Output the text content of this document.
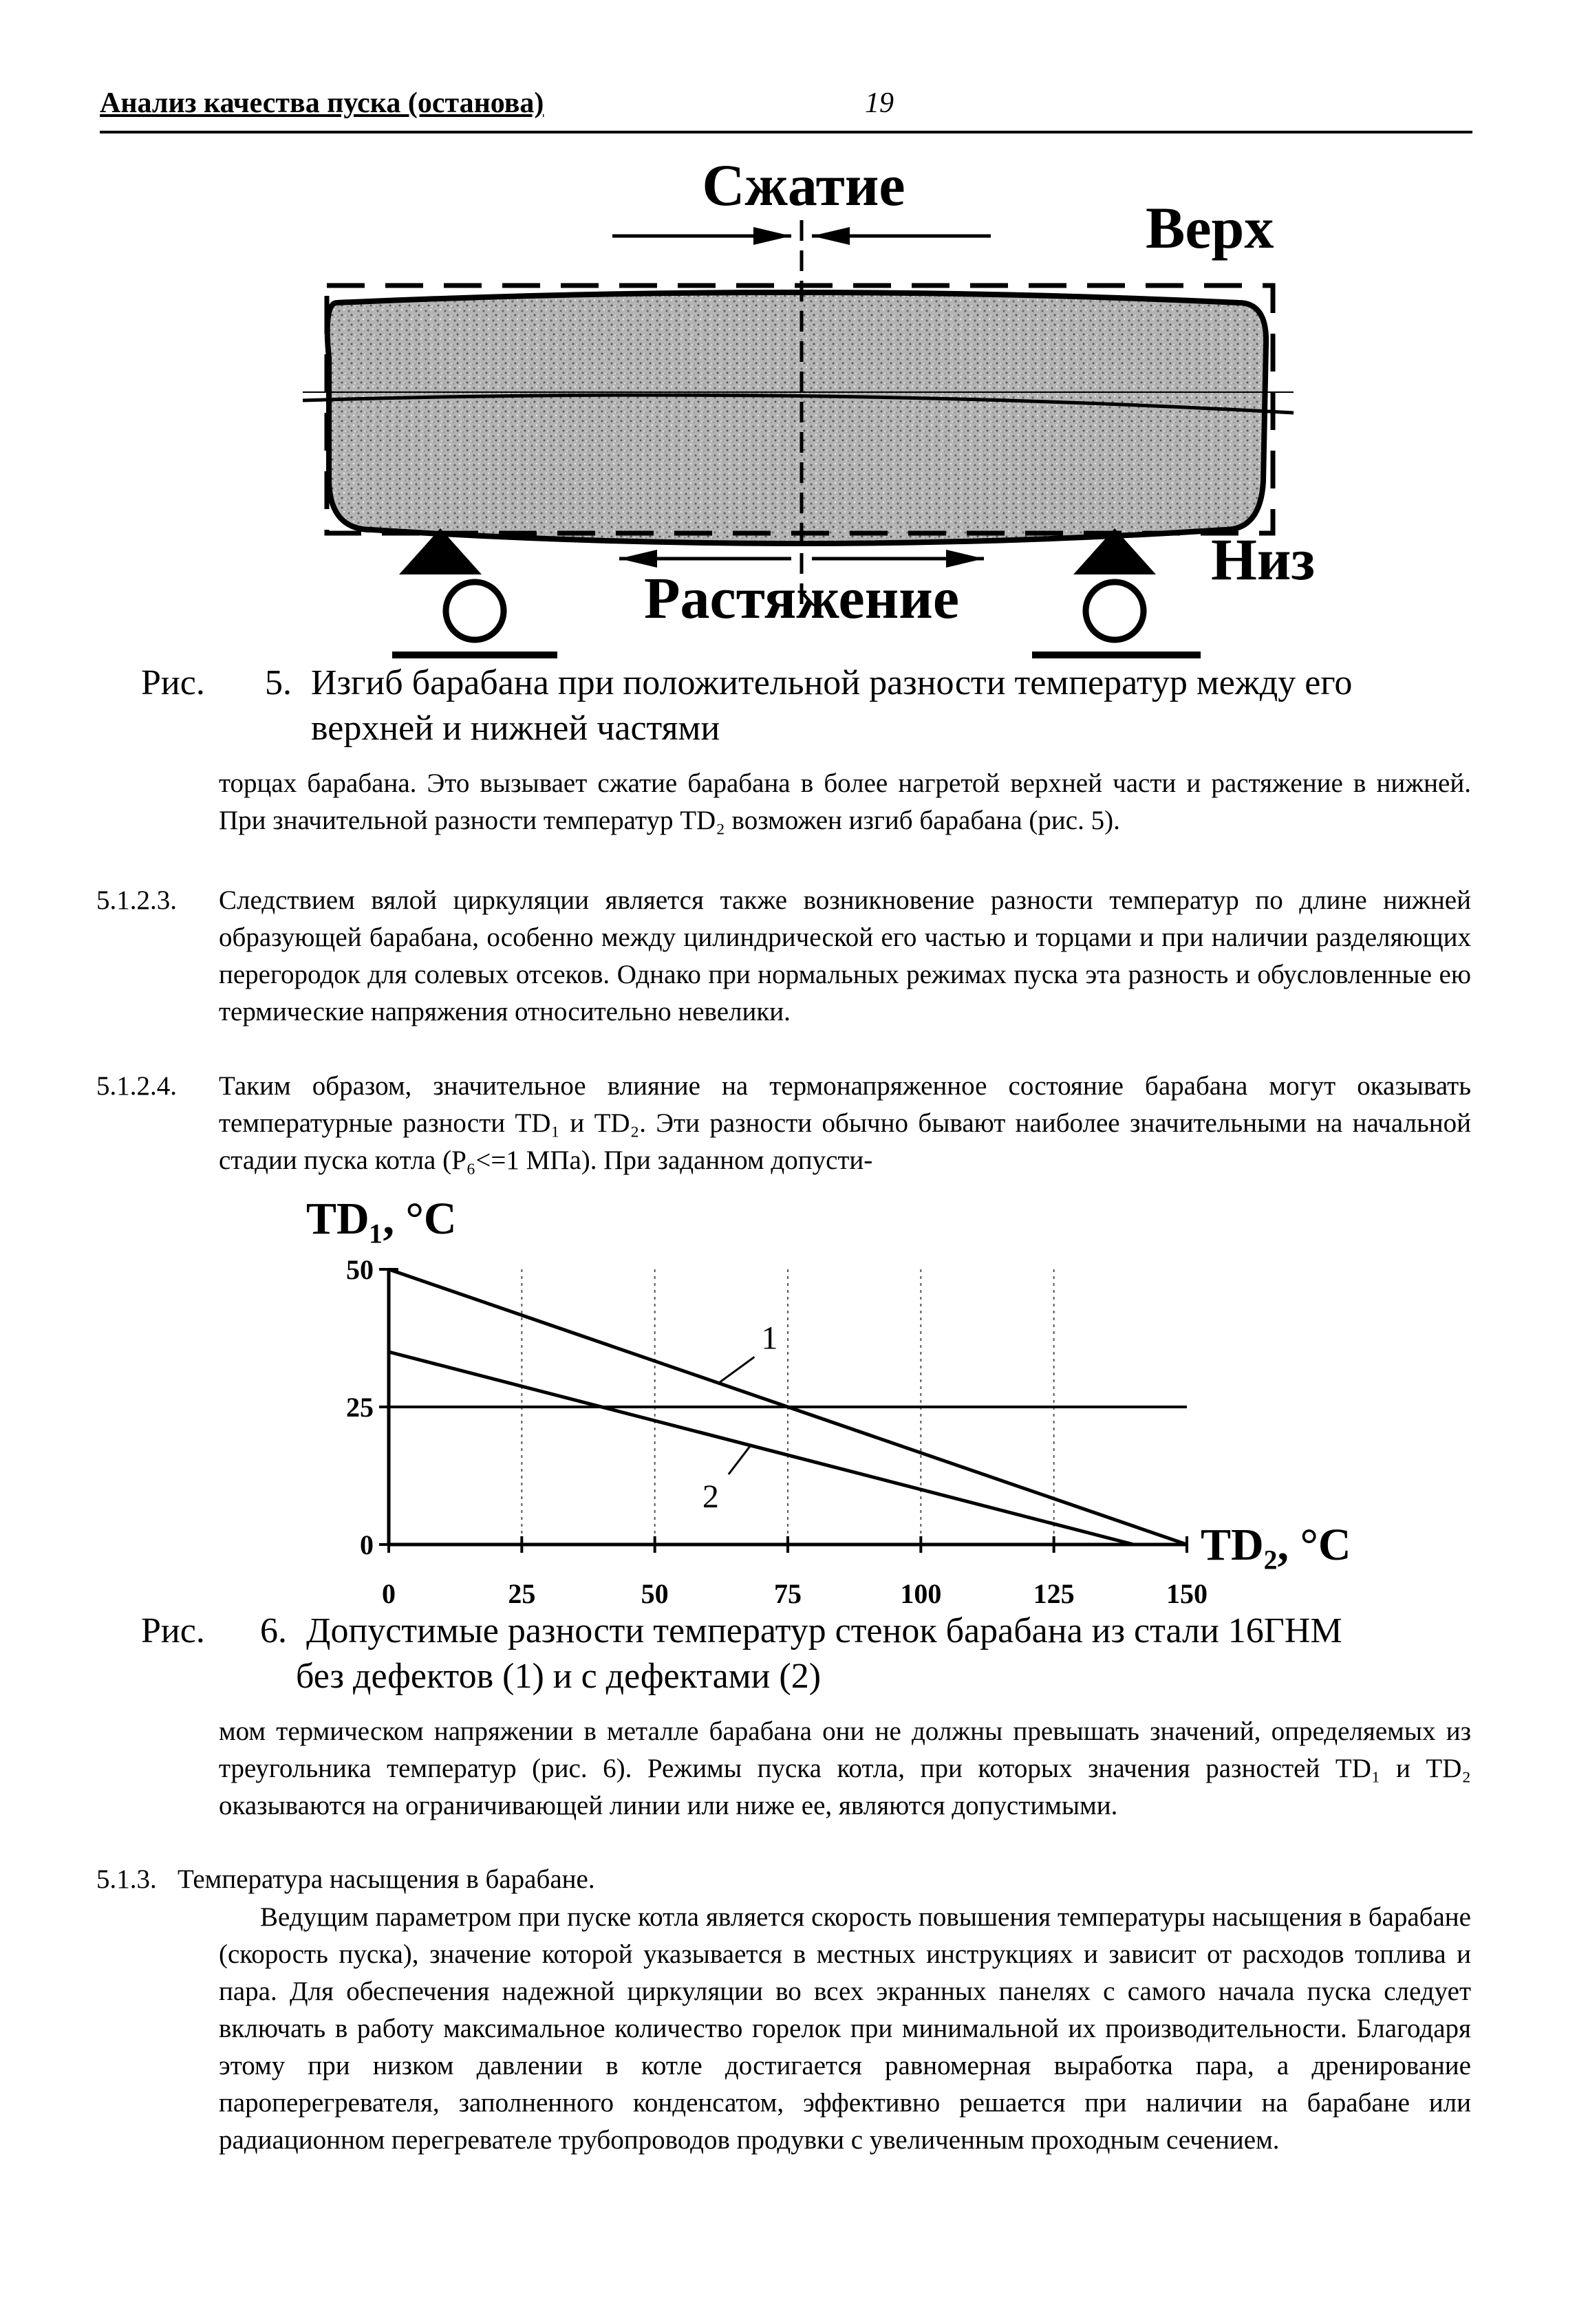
Анализ качества пуска (останова)	19
Сжатие
Растяжение
Верх
Низ
Рис. 5. Изгиб барабана при положительной разности температур между его
верхней и нижней частями
торцах барабана. Это вызывает сжатие барабана в более нагретой верхней части и растяжение в нижней. При значительной разности температур TD₂ возможен изгиб барабана (рис. 5).
5.1.2.3. Следствием вялой циркуляции является также возникновение разности температур по длине нижней образующей барабана, особенно между цилиндрической его частью и торцами и при наличии разделяющих перегородок для солевых отсеков. Однако при нормальных режимах пуска эта разность и обусловленные ею термические напряжения относительно невелики.
5.1.2.4. Таким образом, значительное влияние на термонапряженное состояние барабана могут оказывать температурные разности TD₁ и TD₂. Эти разности обычно бывают наиболее значительными на начальной стадии пуска котла (P₆<=1 МПа). При заданном допусти-
0
25
50
0	25	50	75	100	125	150
1
2
TD₁, °C
TD₂, °C
Рис. 6. Допустимые разности температур стенок барабана из стали 16ГНМ
без дефектов (1) и с дефектами (2)
мом термическом напряжении в металле барабана они не должны превышать значений, определяемых из треугольника температур (рис. 6). Режимы пуска котла, при которых значения разностей TD₁ и TD₂ оказываются на ограничивающей линии или ниже ее, являются допустимыми.
5.1.3. Температура насыщения в барабане.
Ведущим параметром при пуске котла является скорость повышения температуры насыщения в барабане (скорость пуска), значение которой указывается в местных инструкциях и зависит от расходов топлива и пара. Для обеспечения надежной циркуляции во всех экранных панелях с самого начала пуска следует включать в работу максимальное количество горелок при минимальной их производительности. Благодаря этому при низком давлении в котле достигается равномерная выработка пара, а дренирование пароперегревателя, заполненного конденсатом, эффективно решается при наличии на барабане или радиационном перегревателе трубопроводов продувки с увеличенным проходным сечением.
